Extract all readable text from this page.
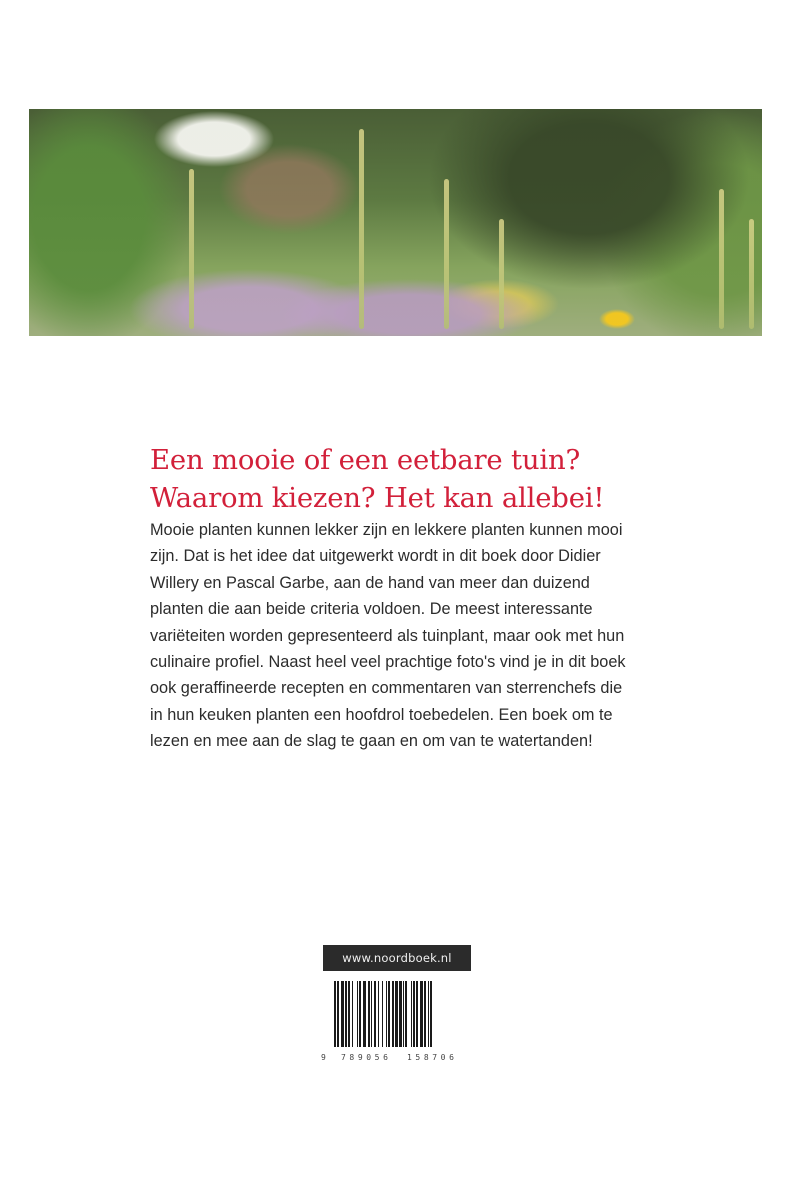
Een mooie of een eetbare tuin?
Waarom kiezen? Het kan allebei!
Mooie planten kunnen lekker zijn en lekkere planten kunnen mooi
zijn. Dat is het idee dat uitgewerkt wordt in dit boek door Didier
Willery en Pascal Garbe, aan de hand van meer dan duizend
planten die aan beide criteria voldoen. De meest interessante
variëteiten worden gepresenteerd als tuinplant, maar ook met hun
culinaire profiel. Naast heel veel prachtige foto's vind je in dit boek
ook geraffineerde recepten en commentaren van sterrenchefs die
in hun keuken planten een hoofdrol toebedelen. Een boek om te
lezen en mee aan de slag te gaan en om van te watertanden!
www.noordboek.nl
9 789056 158706
